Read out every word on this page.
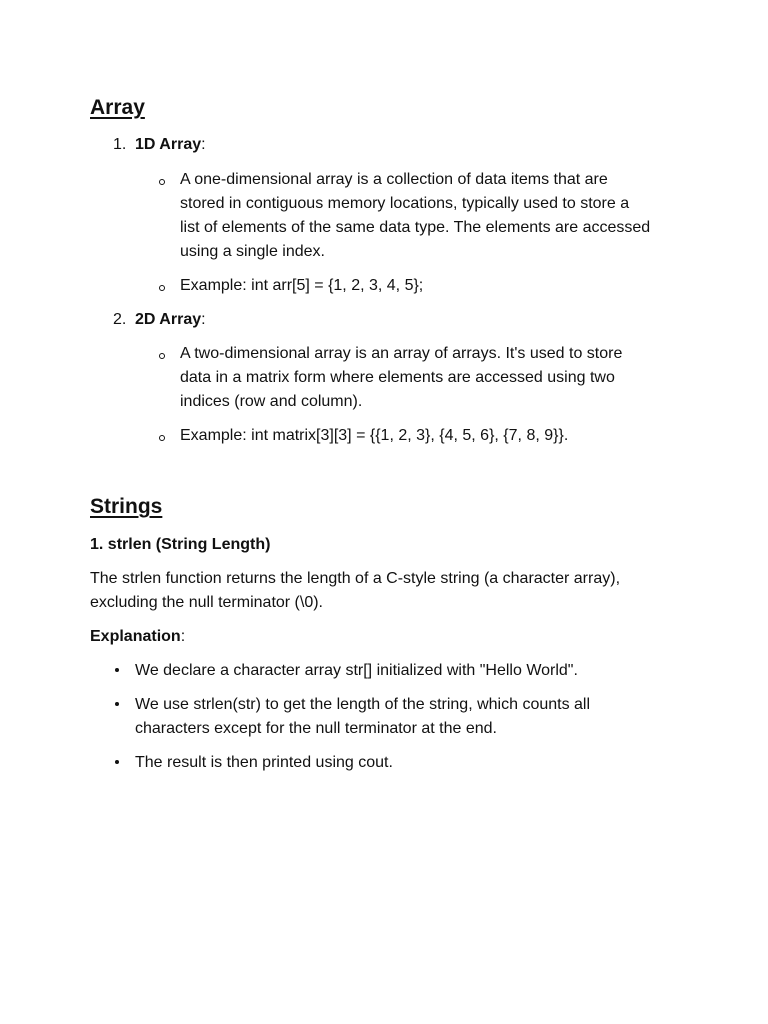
Array
1. 1D Array:
A one-dimensional array is a collection of data items that are
stored in contiguous memory locations, typically used to store a
list of elements of the same data type. The elements are accessed
using a single index.
Example: int arr[5] = {1, 2, 3, 4, 5};
2. 2D Array:
A two-dimensional array is an array of arrays. It's used to store
data in a matrix form where elements are accessed using two
indices (row and column).
Example: int matrix[3][3] = {{1, 2, 3}, {4, 5, 6}, {7, 8, 9}}.
Strings
1. strlen (String Length)
The strlen function returns the length of a C-style string (a character array),
excluding the null terminator (\0).
Explanation:
We declare a character array str[] initialized with "Hello World".
We use strlen(str) to get the length of the string, which counts all
characters except for the null terminator at the end.
The result is then printed using cout.
